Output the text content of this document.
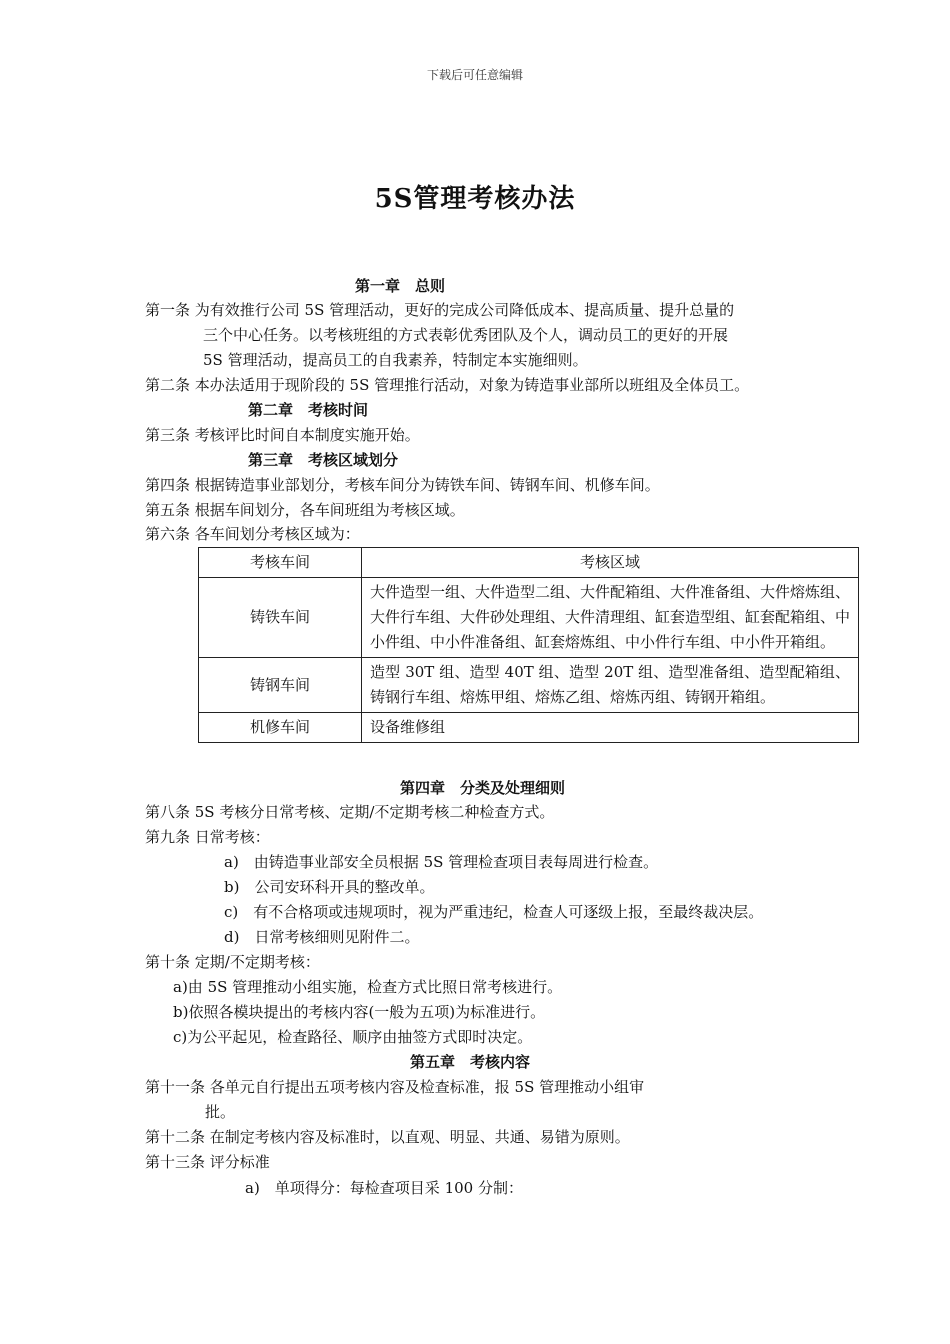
下载后可任意编辑
5S管理考核办法
第一章　总则
第一条 为有效推行公司 5S 管理活动，更好的完成公司降低成本、提高质量、提升总量的
三个中心任务。以考核班组的方式表彰优秀团队及个人，调动员工的更好的开展
5S 管理活动，提高员工的自我素养，特制定本实施细则。
第二条 本办法适用于现阶段的 5S 管理推行活动，对象为铸造事业部所以班组及全体员工。
第二章　考核时间
第三条 考核评比时间自本制度实施开始。
第三章　考核区域划分
第四条 根据铸造事业部划分，考核车间分为铸铁车间、铸钢车间、机修车间。
第五条 根据车间划分，各车间班组为考核区域。
第六条 各车间划分考核区域为：
考核车间	考核区域
铸铁车间	大件造型一组、大件造型二组、大件配箱组、大件准备组、大件熔炼组、大件行车组、大件砂处理组、大件清理组、缸套造型组、缸套配箱组、中小件组、中小件准备组、缸套熔炼组、中小件行车组、中小件开箱组。
铸钢车间	造型 30T 组、造型 40T 组、造型 20T 组、造型准备组、造型配箱组、铸钢行车组、熔炼甲组、熔炼乙组、熔炼丙组、铸钢开箱组。
机修车间	设备维修组
第四章　分类及处理细则
第八条 5S 考核分日常考核、定期/不定期考核二种检查方式。
第九条 日常考核：
a)　由铸造事业部安全员根据 5S 管理检查项目表每周进行检查。
b)　公司安环科开具的整改单。
c)　有不合格项或违规项时，视为严重违纪，检查人可逐级上报，至最终裁决层。
d)　日常考核细则见附件二。
第十条 定期/不定期考核：
a)由 5S 管理推动小组实施，检查方式比照日常考核进行。
b)依照各模块提出的考核内容(一般为五项)为标准进行。
c)为公平起见，检查路径、顺序由抽签方式即时决定。
第五章　考核内容
第十一条 各单元自行提出五项考核内容及检查标准，报 5S 管理推动小组审
批。
第十二条 在制定考核内容及标准时，以直观、明显、共通、易错为原则。
第十三条 评分标准
a)　单项得分：每检查项目采 100 分制：
